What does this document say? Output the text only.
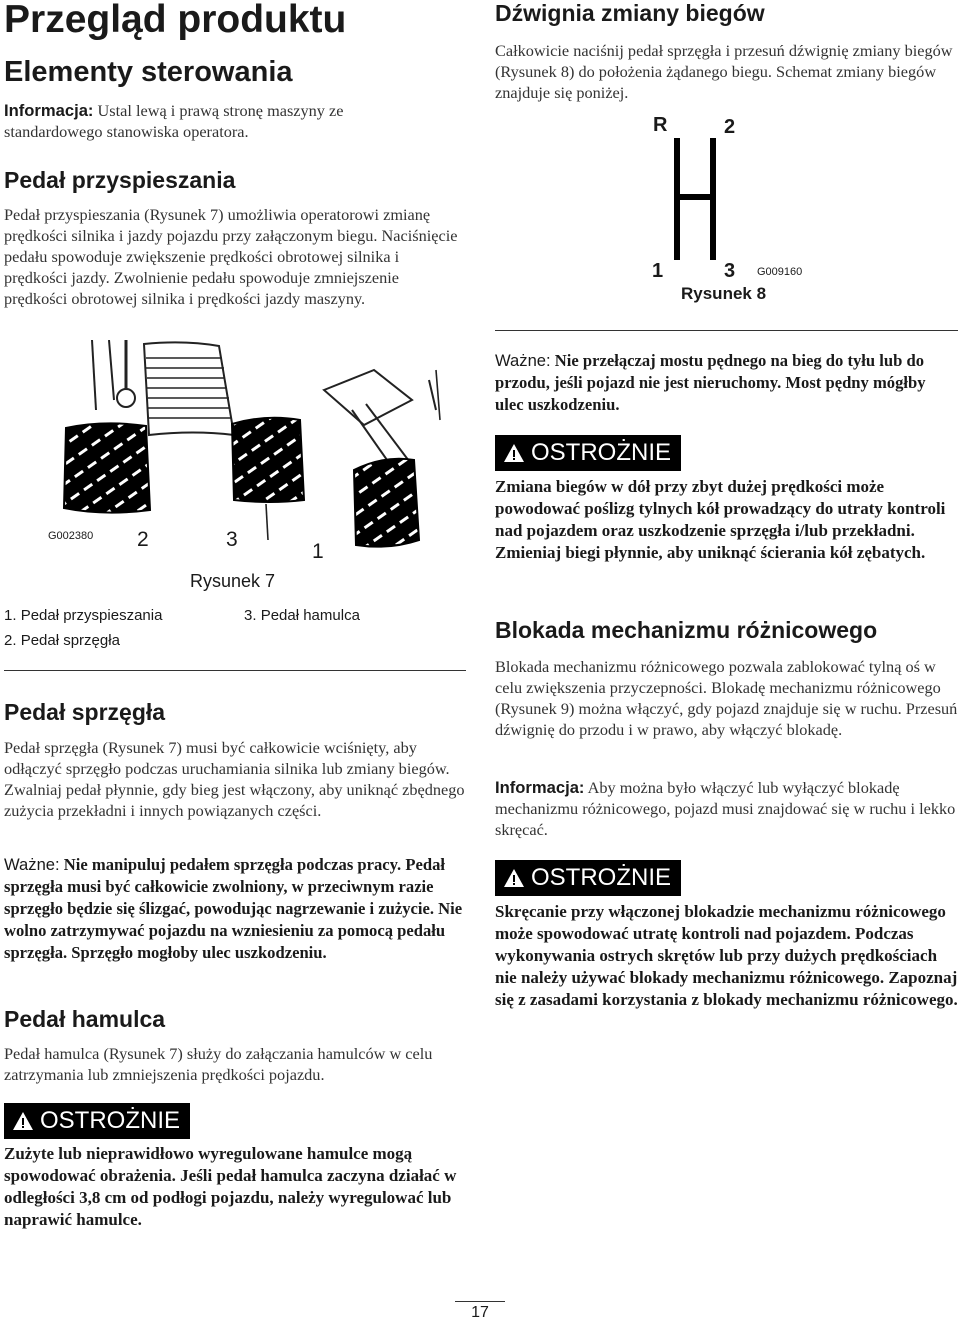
Przegląd produktu
Elementy sterowania
Informacja: Ustal lewą i prawą stronę maszyny ze standardowego stanowiska operatora.
Pedał przyspieszania
Pedał przyspieszania (Rysunek 7) umożliwia operatorowi zmianę prędkości silnika i jazdy pojazdu przy załączonym biegu. Naciśnięcie pedału spowoduje zwiększenie prędkości obrotowej silnika i prędkości jazdy. Zwolnienie pedału spowoduje zmniejszenie prędkości obrotowej silnika i prędkości jazdy maszyny.
G002380 2	3
1
Rysunek 7
1. Pedał przyspieszania	3. Pedał hamulca
2. Pedał sprzęgła
Pedał sprzęgła
Pedał sprzęgła (Rysunek 7) musi być całkowicie wciśnięty, aby odłączyć sprzęgło podczas uruchamiania silnika lub zmiany biegów. Zwalniaj pedał płynnie, gdy bieg jest włączony, aby uniknąć zbędnego zużycia przekładni i innych powiązanych części.
Ważne: Nie manipuluj pedałem sprzęgła podczas pracy. Pedał sprzęgła musi być całkowicie zwolniony, w przeciwnym razie sprzęgło będzie się ślizgać, powodując nagrzewanie i zużycie. Nie wolno zatrzymywać pojazdu na wzniesieniu za pomocą pedału sprzęgła. Sprzęgło mogłoby ulec uszkodzeniu.
Pedał hamulca
Pedał hamulca (Rysunek 7) służy do załączania hamulców w celu zatrzymania lub zmniejszenia prędkości pojazdu.
OSTROŻNIE
Zużyte lub nieprawidłowo wyregulowane hamulce mogą spowodować obrażenia. Jeśli pedał hamulca zaczyna działać w odległości 3,8 cm od podłogi pojazdu, należy wyregulować lub naprawić hamulce.
Dźwignia zmiany biegów
Całkowicie naciśnij pedał sprzęgła i przesuń dźwignię zmiany biegów (Rysunek 8) do położenia żądanego biegu. Schemat zmiany biegów znajduje się poniżej.
R	2
1	3 G009160
Rysunek 8
Ważne: Nie przełączaj mostu pędnego na bieg do tyłu lub do przodu, jeśli pojazd nie jest nieruchomy. Most pędny mógłby ulec uszkodzeniu.
OSTROŻNIE
Zmiana biegów w dół przy zbyt dużej prędkości może powodować poślizg tylnych kół prowadzący do utraty kontroli nad pojazdem oraz uszkodzenie sprzęgła i/lub przekładni. Zmieniaj biegi płynnie, aby uniknąć ścierania kół zębatych.
Blokada mechanizmu różnicowego
Blokada mechanizmu różnicowego pozwala zablokować tylną oś w celu zwiększenia przyczepności. Blokadę mechanizmu różnicowego (Rysunek 9) można włączyć, gdy pojazd znajduje się w ruchu. Przesuń dźwignię do przodu i w prawo, aby włączyć blokadę.
Informacja: Aby można było włączyć lub wyłączyć blokadę mechanizmu różnicowego, pojazd musi znajdować się w ruchu i lekko skręcać.
OSTROŻNIE
Skręcanie przy włączonej blokadzie mechanizmu różnicowego może spowodować utratę kontroli nad pojazdem. Podczas wykonywania ostrych skrętów lub przy dużych prędkościach nie należy używać blokady mechanizmu różnicowego. Zapoznaj się z zasadami korzystania z blokady mechanizmu różnicowego.
17
